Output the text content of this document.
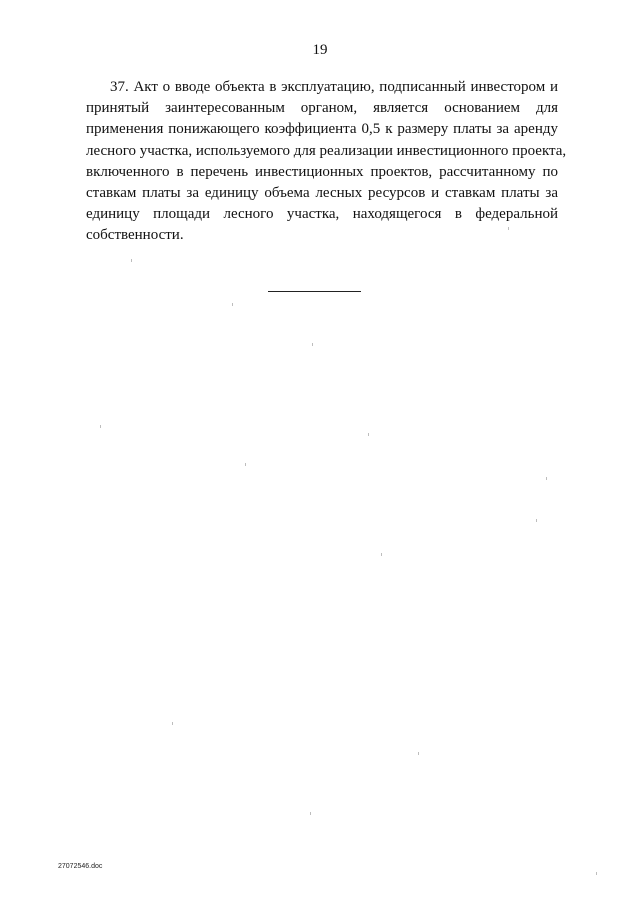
19
37. Акт о вводе объекта в эксплуатацию, подписанный инвестором и
принятый заинтересованным органом, является основанием для
применения понижающего коэффициента 0,5 к размеру платы за аренду
лесного участка, используемого для реализации инвестиционного проекта,
включенного в перечень инвестиционных проектов, рассчитанному по
ставкам платы за единицу объема лесных ресурсов и ставкам платы за
единицу площади лесного участка, находящегося в федеральной
собственности.
27072546.doc
